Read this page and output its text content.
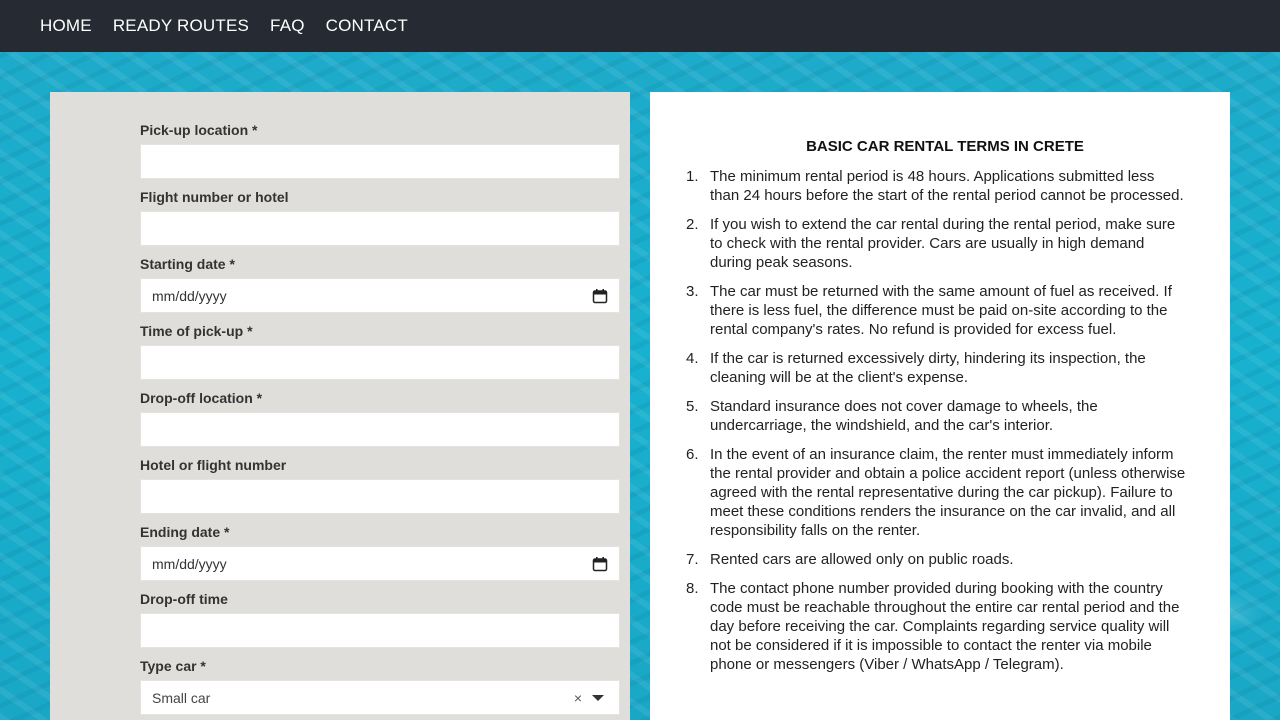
HOME READY ROUTES FAQ CONTACT
Pick-up location *
Flight number or hotel
Starting date *
mm/dd/yyyy
Time of pick-up *
Drop-off location *
Hotel or flight number
Ending date *
mm/dd/yyyy
Drop-off time
Type car *
Small car	×
BASIC CAR RENTAL TERMS IN CRETE
1. The minimum rental period is 48 hours. Applications submitted less than 24 hours before the start of the rental period cannot be processed.
2. If you wish to extend the car rental during the rental period, make sure to check with the rental provider. Cars are usually in high demand during peak seasons.
3. The car must be returned with the same amount of fuel as received. If there is less fuel, the difference must be paid on-site according to the rental company's rates. No refund is provided for excess fuel.
4. If the car is returned excessively dirty, hindering its inspection, the cleaning will be at the client's expense.
5. Standard insurance does not cover damage to wheels, the undercarriage, the windshield, and the car's interior.
6. In the event of an insurance claim, the renter must immediately inform the rental provider and obtain a police accident report (unless otherwise agreed with the rental representative during the car pickup). Failure to meet these conditions renders the insurance on the car invalid, and all responsibility falls on the renter.
7. Rented cars are allowed only on public roads.
8. The contact phone number provided during booking with the country code must be reachable throughout the entire car rental period and the day before receiving the car. Complaints regarding service quality will not be considered if it is impossible to contact the renter via mobile phone or messengers (Viber / WhatsApp / Telegram).
